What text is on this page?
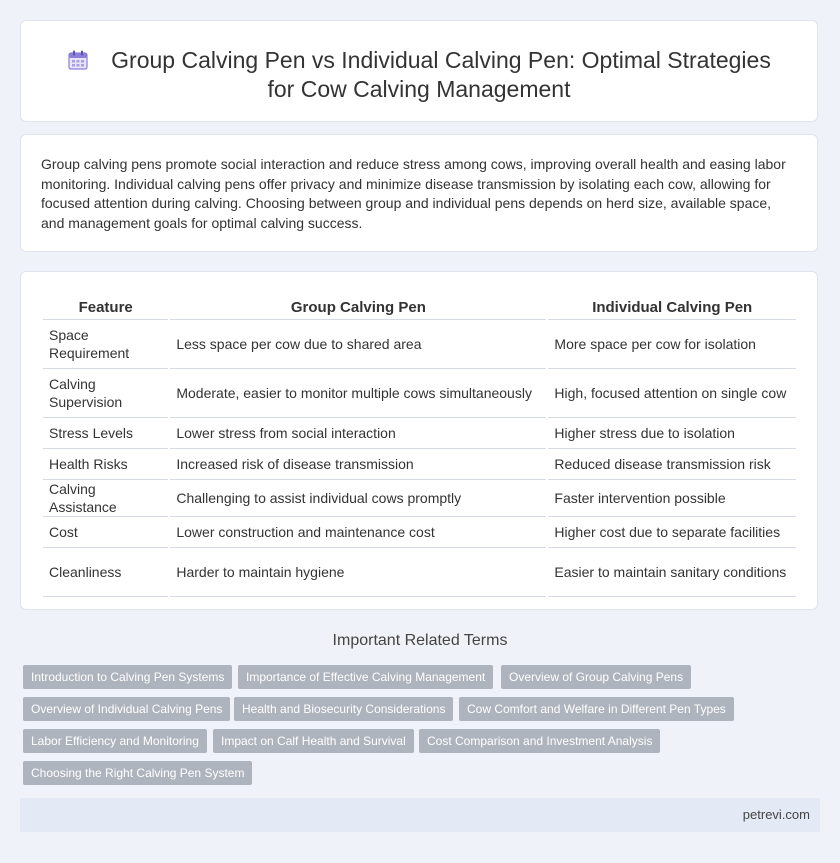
Group Calving Pen vs Individual Calving Pen: Optimal Strategies
for Cow Calving Management

Group calving pens promote social interaction and reduce stress among cows, improving overall health and easing labor monitoring. Individual calving pens offer privacy and minimize disease transmission by isolating each cow, allowing for focused attention during calving. Choosing between group and individual pens depends on herd size, available space, and management goals for optimal calving success.

Feature	Group Calving Pen	Individual Calving Pen
Space Requirement	Less space per cow due to shared area	More space per cow for isolation
Calving Supervision	Moderate, easier to monitor multiple cows simultaneously	High, focused attention on single cow
Stress Levels	Lower stress from social interaction	Higher stress due to isolation
Health Risks	Increased risk of disease transmission	Reduced disease transmission risk
Calving Assistance	Challenging to assist individual cows promptly	Faster intervention possible
Cost	Lower construction and maintenance cost	Higher cost due to separate facilities
Cleanliness	Harder to maintain hygiene	Easier to maintain sanitary conditions
Important Related Terms
Introduction to Calving Pen Systems	Importance of Effective Calving Management	Overview of Group Calving Pens
Overview of Individual Calving Pens	Health and Biosecurity Considerations	Cow Comfort and Welfare in Different Pen Types
Labor Efficiency and Monitoring	Impact on Calf Health and Survival	Cost Comparison and Investment Analysis
Choosing the Right Calving Pen System
petrevi.com
